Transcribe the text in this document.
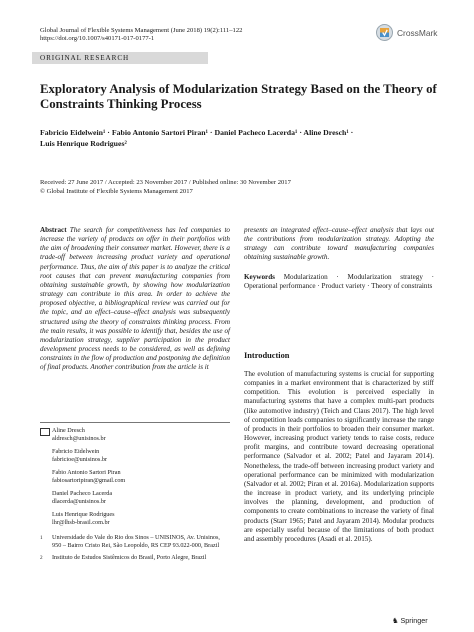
Global Journal of Flexible Systems Management (June 2018) 19(2):111–122
https://doi.org/10.1007/s40171-017-0177-1
CrossMark
ORIGINAL RESEARCH
Exploratory Analysis of Modularization Strategy Based on the Theory of Constraints Thinking Process
Fabricio Eidelwein¹ · Fabio Antonio Sartori Piran¹ · Daniel Pacheco Lacerda¹ · Aline Dresch¹ ·
Luis Henrique Rodrigues²
Received: 27 June 2017 / Accepted: 23 November 2017 / Published online: 30 November 2017
© Global Institute of Flexible Systems Management 2017
Abstract The search for competitiveness has led companies to increase the variety of products on offer in their portfolios with the aim of broadening their consumer market. However, there is a trade-off between increasing product variety and operational performance. Thus, the aim of this paper is to analyze the critical root causes that can prevent manufacturing companies from obtaining sustainable growth, by showing how modularization strategy can contribute in this area. In order to achieve the proposed objective, a bibliographical review was carried out for the topic, and an effect–cause–effect analysis was subsequently structured using the theory of constraints thinking process. From the main results, it was possible to identify that, besides the use of modularization strategy, supplier participation in the product development process needs to be considered, as well as defining constraints in the flow of production and postponing the definition of final products. Another contribution from the article is it
presents an integrated effect–cause–effect analysis that lays out the contributions from modularization strategy. Adopting the strategy can contribute toward manufacturing companies obtaining sustainable growth.
Keywords Modularization · Modularization strategy · Operational performance · Product variety · Theory of constraints
Introduction
The evolution of manufacturing systems is crucial for supporting companies in a market environment that is characterized by stiff competition. This evolution is perceived especially in manufacturing systems that have a complex multi-part products (like automotive industry) (Teich and Claus 2017). The high level of competition leads companies to significantly increase the range of products in their portfolios to broaden their consumer market. However, increasing product variety tends to raise costs, reduce profit margins, and contribute toward decreasing operational performance (Salvador et al. 2002; Patel and Jayaram 2014). Nonetheless, the trade-off between increasing product variety and operational performance can be minimized with modularization (Salvador et al. 2002; Piran et al. 2016a). Modularization supports the increase in product variety, and its underlying principle involves the planning, development, and production of components to create combinations to increase the variety of final products (Starr 1965; Patel and Jayaram 2014). Modular products are especially useful because of the limitations of both product and assembly procedures (Asadi et al. 2015).

Aline Dresch

aldresch@unisinos.br

Fabricio Eidelwein

fabricioe@unisinos.br

Fabio Antonio Sartori Piran

fabiosartoripiran@gmail.com

Daniel Pacheco Lacerda

dlacerda@unisinos.br

Luis Henrique Rodrigues

lhr@lhsb-brasil.com.br

$^1$	Universidade do Vale do Rio dos Sinos – UNISINOS, Av. Unisinos, 950 – Bairro Cristo Rei, São Leopoldo, RS CEP 93.022-000, Brazil

$^2$	Instituto de Estudos Sistêmicos do Brasil, Porto Alegre, Brazil

♞ Springer
